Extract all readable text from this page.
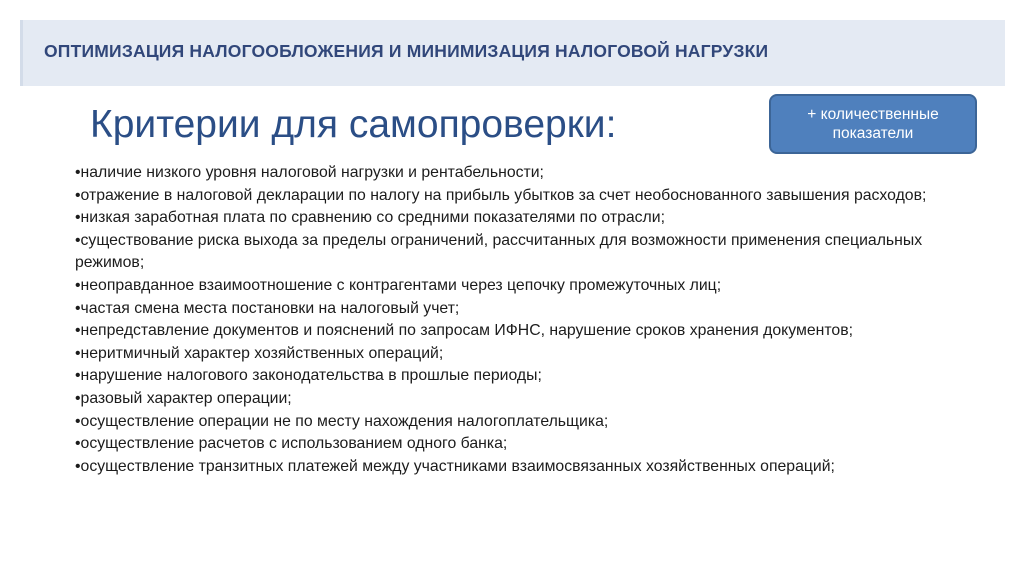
ОПТИМИЗАЦИЯ НАЛОГООБЛОЖЕНИЯ И МИНИМИЗАЦИЯ НАЛОГОВОЙ НАГРУЗКИ
Критерии для самопроверки:	+ количественные
показатели
•наличие низкого уровня налоговой нагрузки и рентабельности;
•отражение в налоговой декларации по налогу на прибыль убытков за счет необоснованного завышения расходов;
•низкая заработная плата по сравнению со средними показателями по отрасли;
•существование риска выхода за пределы ограничений, рассчитанных для возможности применения специальных режимов;
•неоправданное взаимоотношение с контрагентами через цепочку промежуточных лиц;
•частая смена места постановки на налоговый учет;
•непредставление документов и пояснений по запросам ИФНС, нарушение сроков хранения документов;
•неритмичный характер хозяйственных операций;
•нарушение налогового законодательства в прошлые периоды;
•разовый характер операции;
•осуществление операции не по месту нахождения налогоплательщика;
•осуществление расчетов с использованием одного банка;
•осуществление транзитных платежей между участниками взаимосвязанных хозяйственных операций;
